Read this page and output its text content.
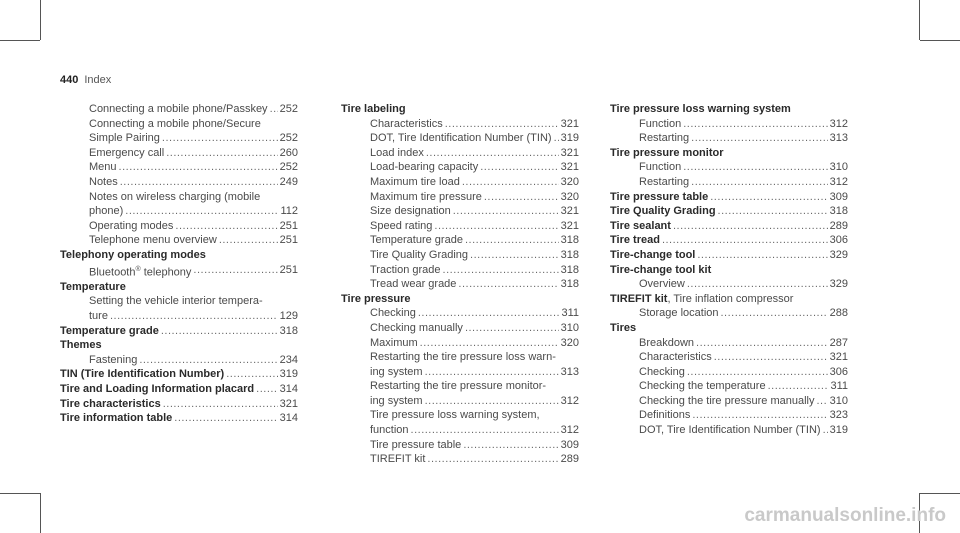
440 Index
Connecting a mobile phone/Passkey ..... 252
Connecting a mobile phone/Secure
Simple Pairing .....	252
Emergency call .....	260
Menu .....	252
Notes .....	249
Notes on wireless charging (mobile
phone) .....	112
Operating modes .....	251
Telephone menu overview .....	251
Telephony operating modes
Bluetooth® telephony .....	251
Temperature
Setting the vehicle interior tempera-
ture .....	129
Temperature grade .....	318
Themes
Fastening .....	234
TIN (Tire Identification Number) .....	319
Tire and Loading Information placard ..... 314
Tire characteristics .....	321
Tire information table .....	314
Tire labeling
Characteristics .....	321
DOT, Tire Identification Number (TIN) ..... 319
Load index .....	321
Load-bearing capacity .....	321
Maximum tire load .....	320
Maximum tire pressure .....	320
Size designation .....	321
Speed rating .....	321
Temperature grade .....	318
Tire Quality Grading .....	318
Traction grade .....	318
Tread wear grade .....	318
Tire pressure
Checking .....	311
Checking manually .....	310
Maximum .....	320
Restarting the tire pressure loss warn-
ing system .....	313
Restarting the tire pressure monitor-
ing system .....	312
Tire pressure loss warning system,
function .....	312
Tire pressure table .....	309
TIREFIT kit .....	289
Tire pressure loss warning system
Function .....	312
Restarting .....	313
Tire pressure monitor
Function .....	310
Restarting .....	312
Tire pressure table .....	309
Tire Quality Grading .....	318
Tire sealant .....	289
Tire tread .....	306
Tire-change tool .....	329
Tire-change tool kit
Overview .....	329
TIREFIT kit, Tire inflation compressor
Storage location .....	288
Tires
Breakdown .....	287
Characteristics .....	321
Checking .....	306
Checking the temperature .....	311
Checking the tire pressure manually ..... 310
Definitions .....	323
DOT, Tire Identification Number (TIN) ..... 319
carmanualsonline.info
